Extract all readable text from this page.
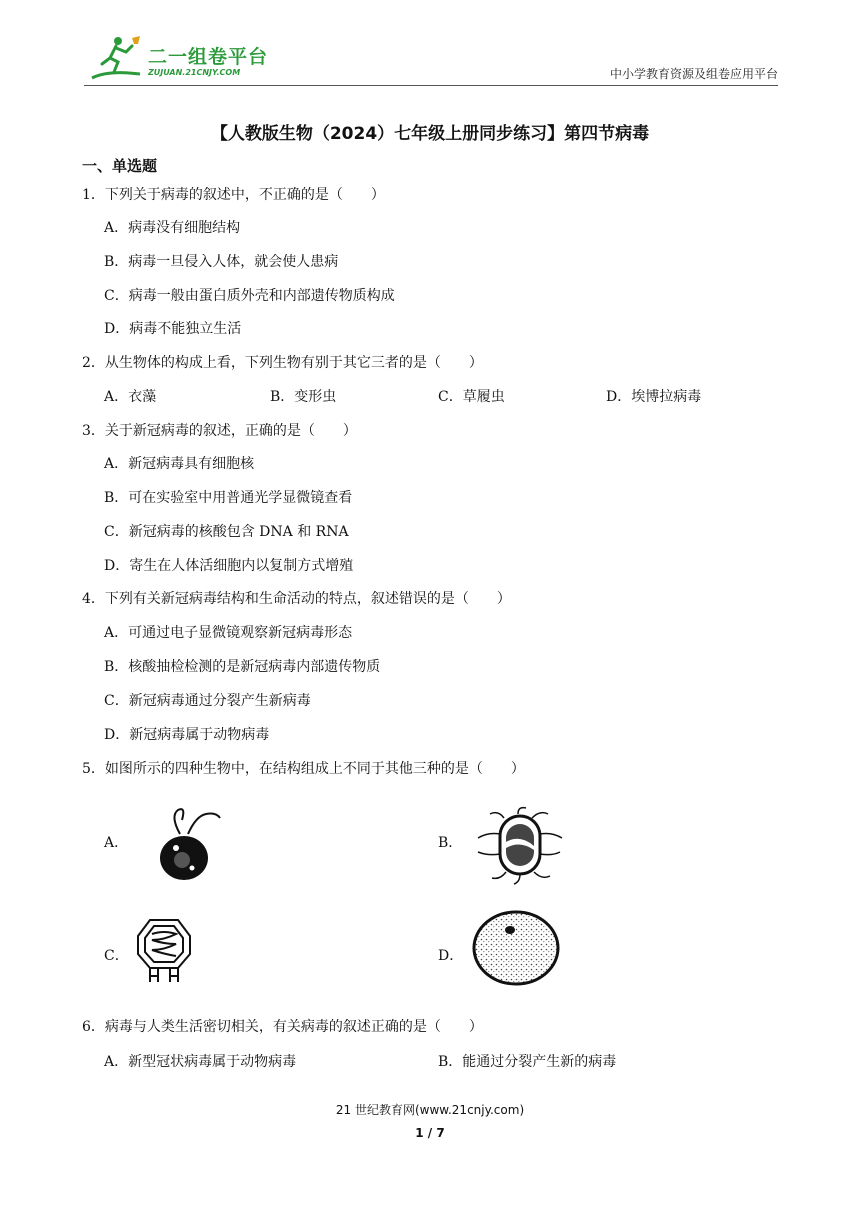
二一组卷平台
ZUJUAN.21CNJY.COM	中小学教育资源及组卷应用平台
【人教版生物（2024）七年级上册同步练习】第四节病毒
一、单选题
1．下列关于病毒的叙述中，不正确的是（　　）
A．病毒没有细胞结构
B．病毒一旦侵入人体，就会使人患病
C．病毒一般由蛋白质外壳和内部遗传物质构成
D．病毒不能独立生活
2．从生物体的构成上看，下列生物有别于其它三者的是（　　）
A．衣藻	B．变形虫	C．草履虫	D．埃博拉病毒
3．关于新冠病毒的叙述，正确的是（　　）
A．新冠病毒具有细胞核
B．可在实验室中用普通光学显微镜查看
C．新冠病毒的核酸包含 DNA 和 RNA
D．寄生在人体活细胞内以复制方式增殖
4．下列有关新冠病毒结构和生命活动的特点，叙述错误的是（　　）
A．可通过电子显微镜观察新冠病毒形态
B．核酸抽检检测的是新冠病毒内部遗传物质
C．新冠病毒通过分裂产生新病毒
D．新冠病毒属于动物病毒
5．如图所示的四种生物中，在结构组成上不同于其他三种的是（　　）
A．	B．
C．	D．
6．病毒与人类生活密切相关，有关病毒的叙述正确的是（　　）
A．新型冠状病毒属于动物病毒	B．能通过分裂产生新的病毒
21 世纪教育网(www.21cnjy.com)
1 / 7
